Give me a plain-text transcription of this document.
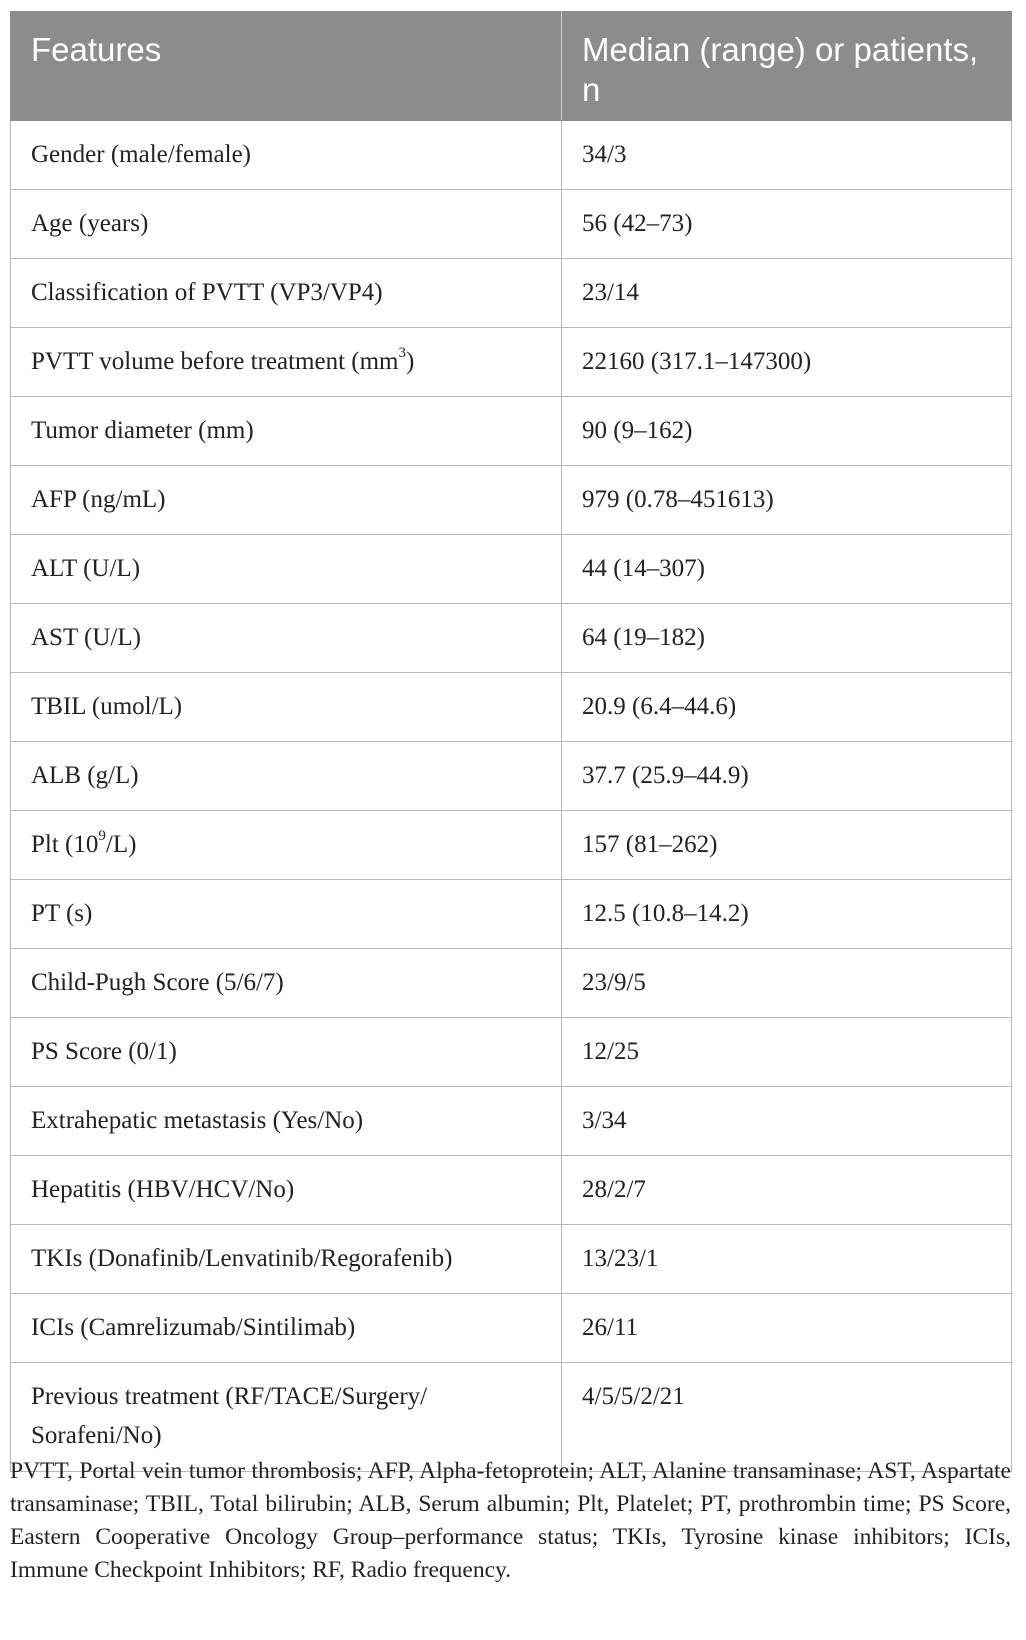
Features	Median (range) or patients, n
Gender (male/female)	34/3
Age (years)	56 (42–73)
Classification of PVTT (VP3/VP4)	23/14
PVTT volume before treatment $(mm^3)$	22160 (317.1–147300)
Tumor diameter (mm)	90 (9–162)
AFP (ng/mL)	979 (0.78–451613)
ALT (U/L)	44 (14–307)
AST (U/L)	64 (19–182)
TBIL (umol/L)	20.9 (6.4–44.6)
ALB (g/L)	37.7 (25.9–44.9)
Plt $(10^9/L)$	157 (81–262)
PT (s)	12.5 (10.8–14.2)
Child-Pugh Score (5/6/7)	23/9/5
PS Score (0/1)	12/25
Extrahepatic metastasis (Yes/No)	3/34
Hepatitis (HBV/HCV/No)	28/2/7
TKIs (Donafinib/Lenvatinib/Regorafenib)	13/23/1
ICIs (Camrelizumab/Sintilimab)	26/11
Previous treatment (RF/TACE/Surgery/ Sorafeni/No)	4/5/5/2/21

PVTT, Portal vein tumor thrombosis; AFP, Alpha-fetoprotein; ALT, Alanine transaminase; AST, Aspartate transaminase; TBIL, Total bilirubin; ALB, Serum albumin; Plt, Platelet; PT, prothrombin time; PS Score, Eastern Cooperative Oncology Group–performance status; TKIs, Tyrosine kinase inhibitors; ICIs, Immune Checkpoint Inhibitors; RF, Radio frequency.
